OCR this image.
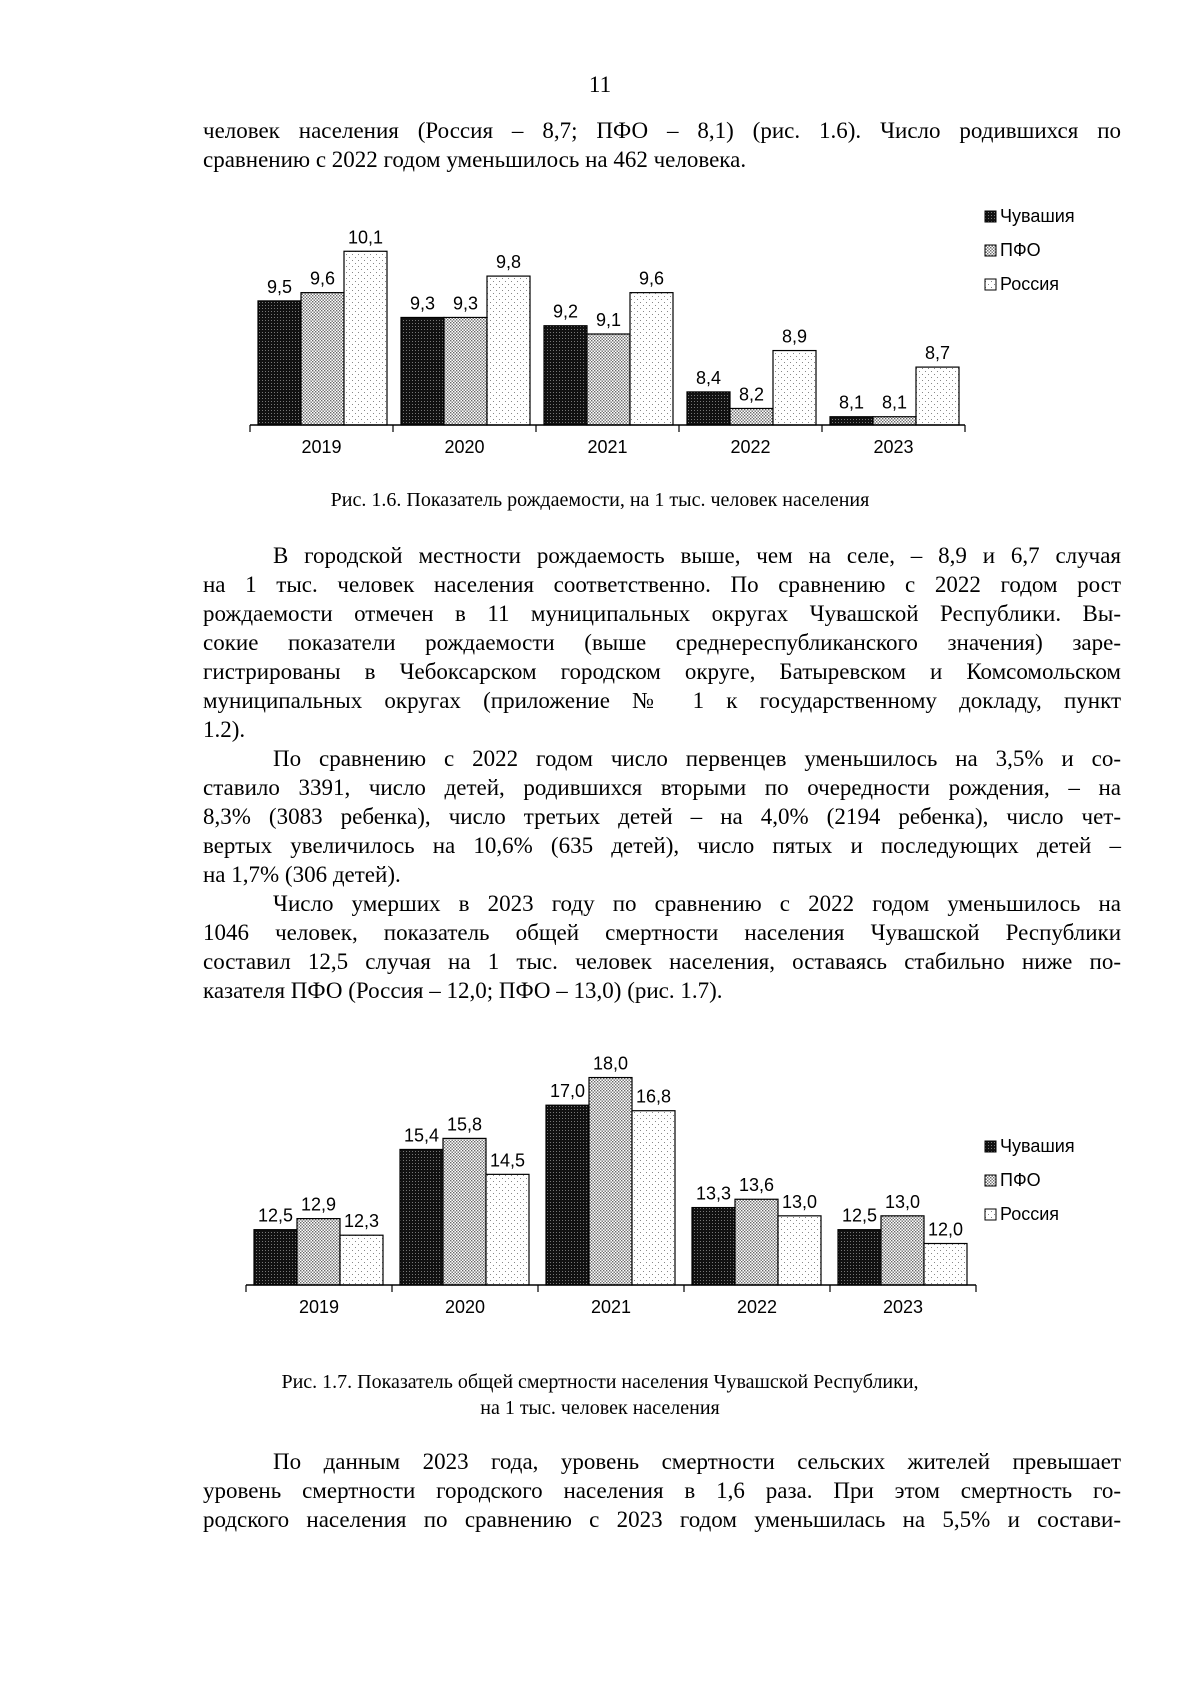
11
человек населения (Россия – 8,7; ПФО – 8,1) (рис. 1.6). Число родившихся по
сравнению с 2022 годом уменьшилось на 462 человека.
9,5 9,6
10,1
2019
9,3 9,3
9,8
2020
9,2 9,1
9,6
2021
8,4
8,2
8,9
2022
8,1 8,1
8,7
2023
Чувашия
ПФО
Россия
Рис. 1.6. Показатель рождаемости, на 1 тыс. человек населения
В городской местности рождаемость выше, чем на селе, – 8,9 и 6,7 случая
на 1 тыс. человек населения соответственно. По сравнению с 2022 годом рост
рождаемости отмечен в 11 муниципальных округах Чувашской Республики. Вы-
сокие показатели рождаемости (выше среднереспубликанского значения) заре-
гистрированы в Чебоксарском городском округе, Батыревском и Комсомольском
муниципальных округах (приложение № 1 к государственному докладу, пункт
1.2).
По сравнению с 2022 годом число первенцев уменьшилось на 3,5% и со-
ставило 3391, число детей, родившихся вторыми по очередности рождения, – на
8,3% (3083 ребенка), число третьих детей – на 4,0% (2194 ребенка), число чет-
вертых увеличилось на 10,6% (635 детей), число пятых и последующих детей –
на 1,7% (306 детей).
Число умерших в 2023 году по сравнению с 2022 годом уменьшилось на
1046 человек, показатель общей смертности населения Чувашской Республики
составил 12,5 случая на 1 тыс. человек населения, оставаясь стабильно ниже по-
казателя ПФО (Россия – 12,0; ПФО – 13,0) (рис. 1.7).
12,5
12,9
12,3
2019
15,4
15,8
14,5
2020
17,0
18,0
16,8
2021
13,3 13,6
13,0
2022
12,5
13,0
12,0
2023
Чувашия
ПФО
Россия
Рис. 1.7. Показатель общей смертности населения Чувашской Республики,
на 1 тыс. человек населения
По данным 2023 года, уровень смертности сельских жителей превышает
уровень смертности городского населения в 1,6 раза. При этом смертность го-
родского населения по сравнению с 2023 годом уменьшилась на 5,5% и состави-
